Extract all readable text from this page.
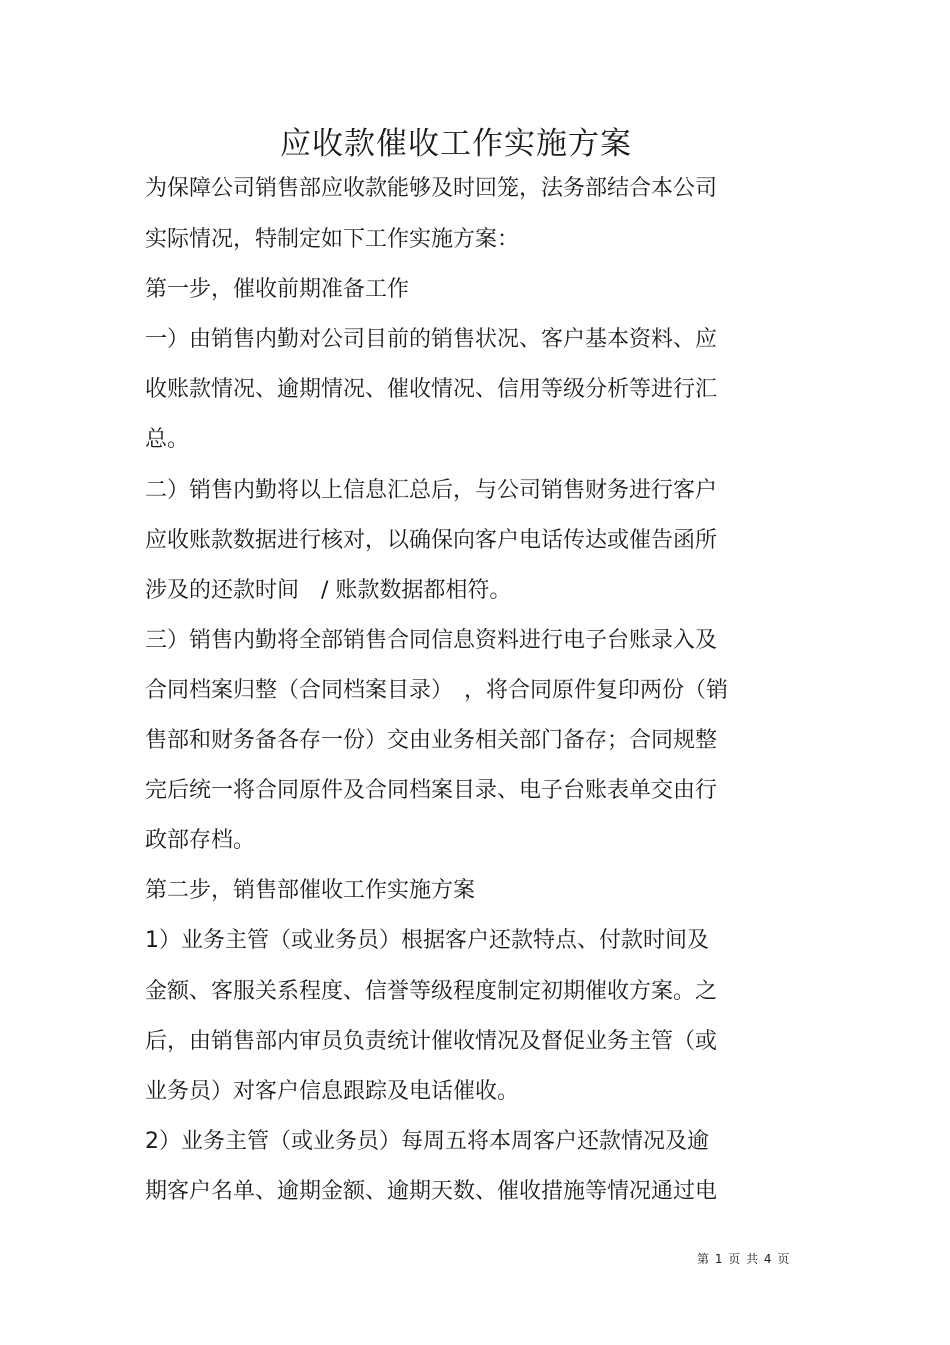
应收款催收工作实施方案
为保障公司销售部应收款能够及时回笼，法务部结合本公司
实际情况，特制定如下工作实施方案：
第一步，催收前期准备工作
一）由销售内勤对公司目前的销售状况、客户基本资料、应
收账款情况、逾期情况、催收情况、信用等级分析等进行汇
总。
二）销售内勤将以上信息汇总后，与公司销售财务进行客户
应收账款数据进行核对，以确保向客户电话传达或催告函所
涉及的还款时间　/ 账款数据都相符。
三）销售内勤将全部销售合同信息资料进行电子台账录入及
合同档案归整（合同档案目录）　，将合同原件复印两份（销
售部和财务备各存一份）交由业务相关部门备存；合同规整
完后统一将合同原件及合同档案目录、电子台账表单交由行
政部存档。
第二步，销售部催收工作实施方案
1）业务主管（或业务员）根据客户还款特点、付款时间及
金额、客服关系程度、信誉等级程度制定初期催收方案。之
后，由销售部内审员负责统计催收情况及督促业务主管（或
业务员）对客户信息跟踪及电话催收。
2）业务主管（或业务员）每周五将本周客户还款情况及逾
期客户名单、逾期金额、逾期天数、催收措施等情况通过电
第 1 页 共 4 页
